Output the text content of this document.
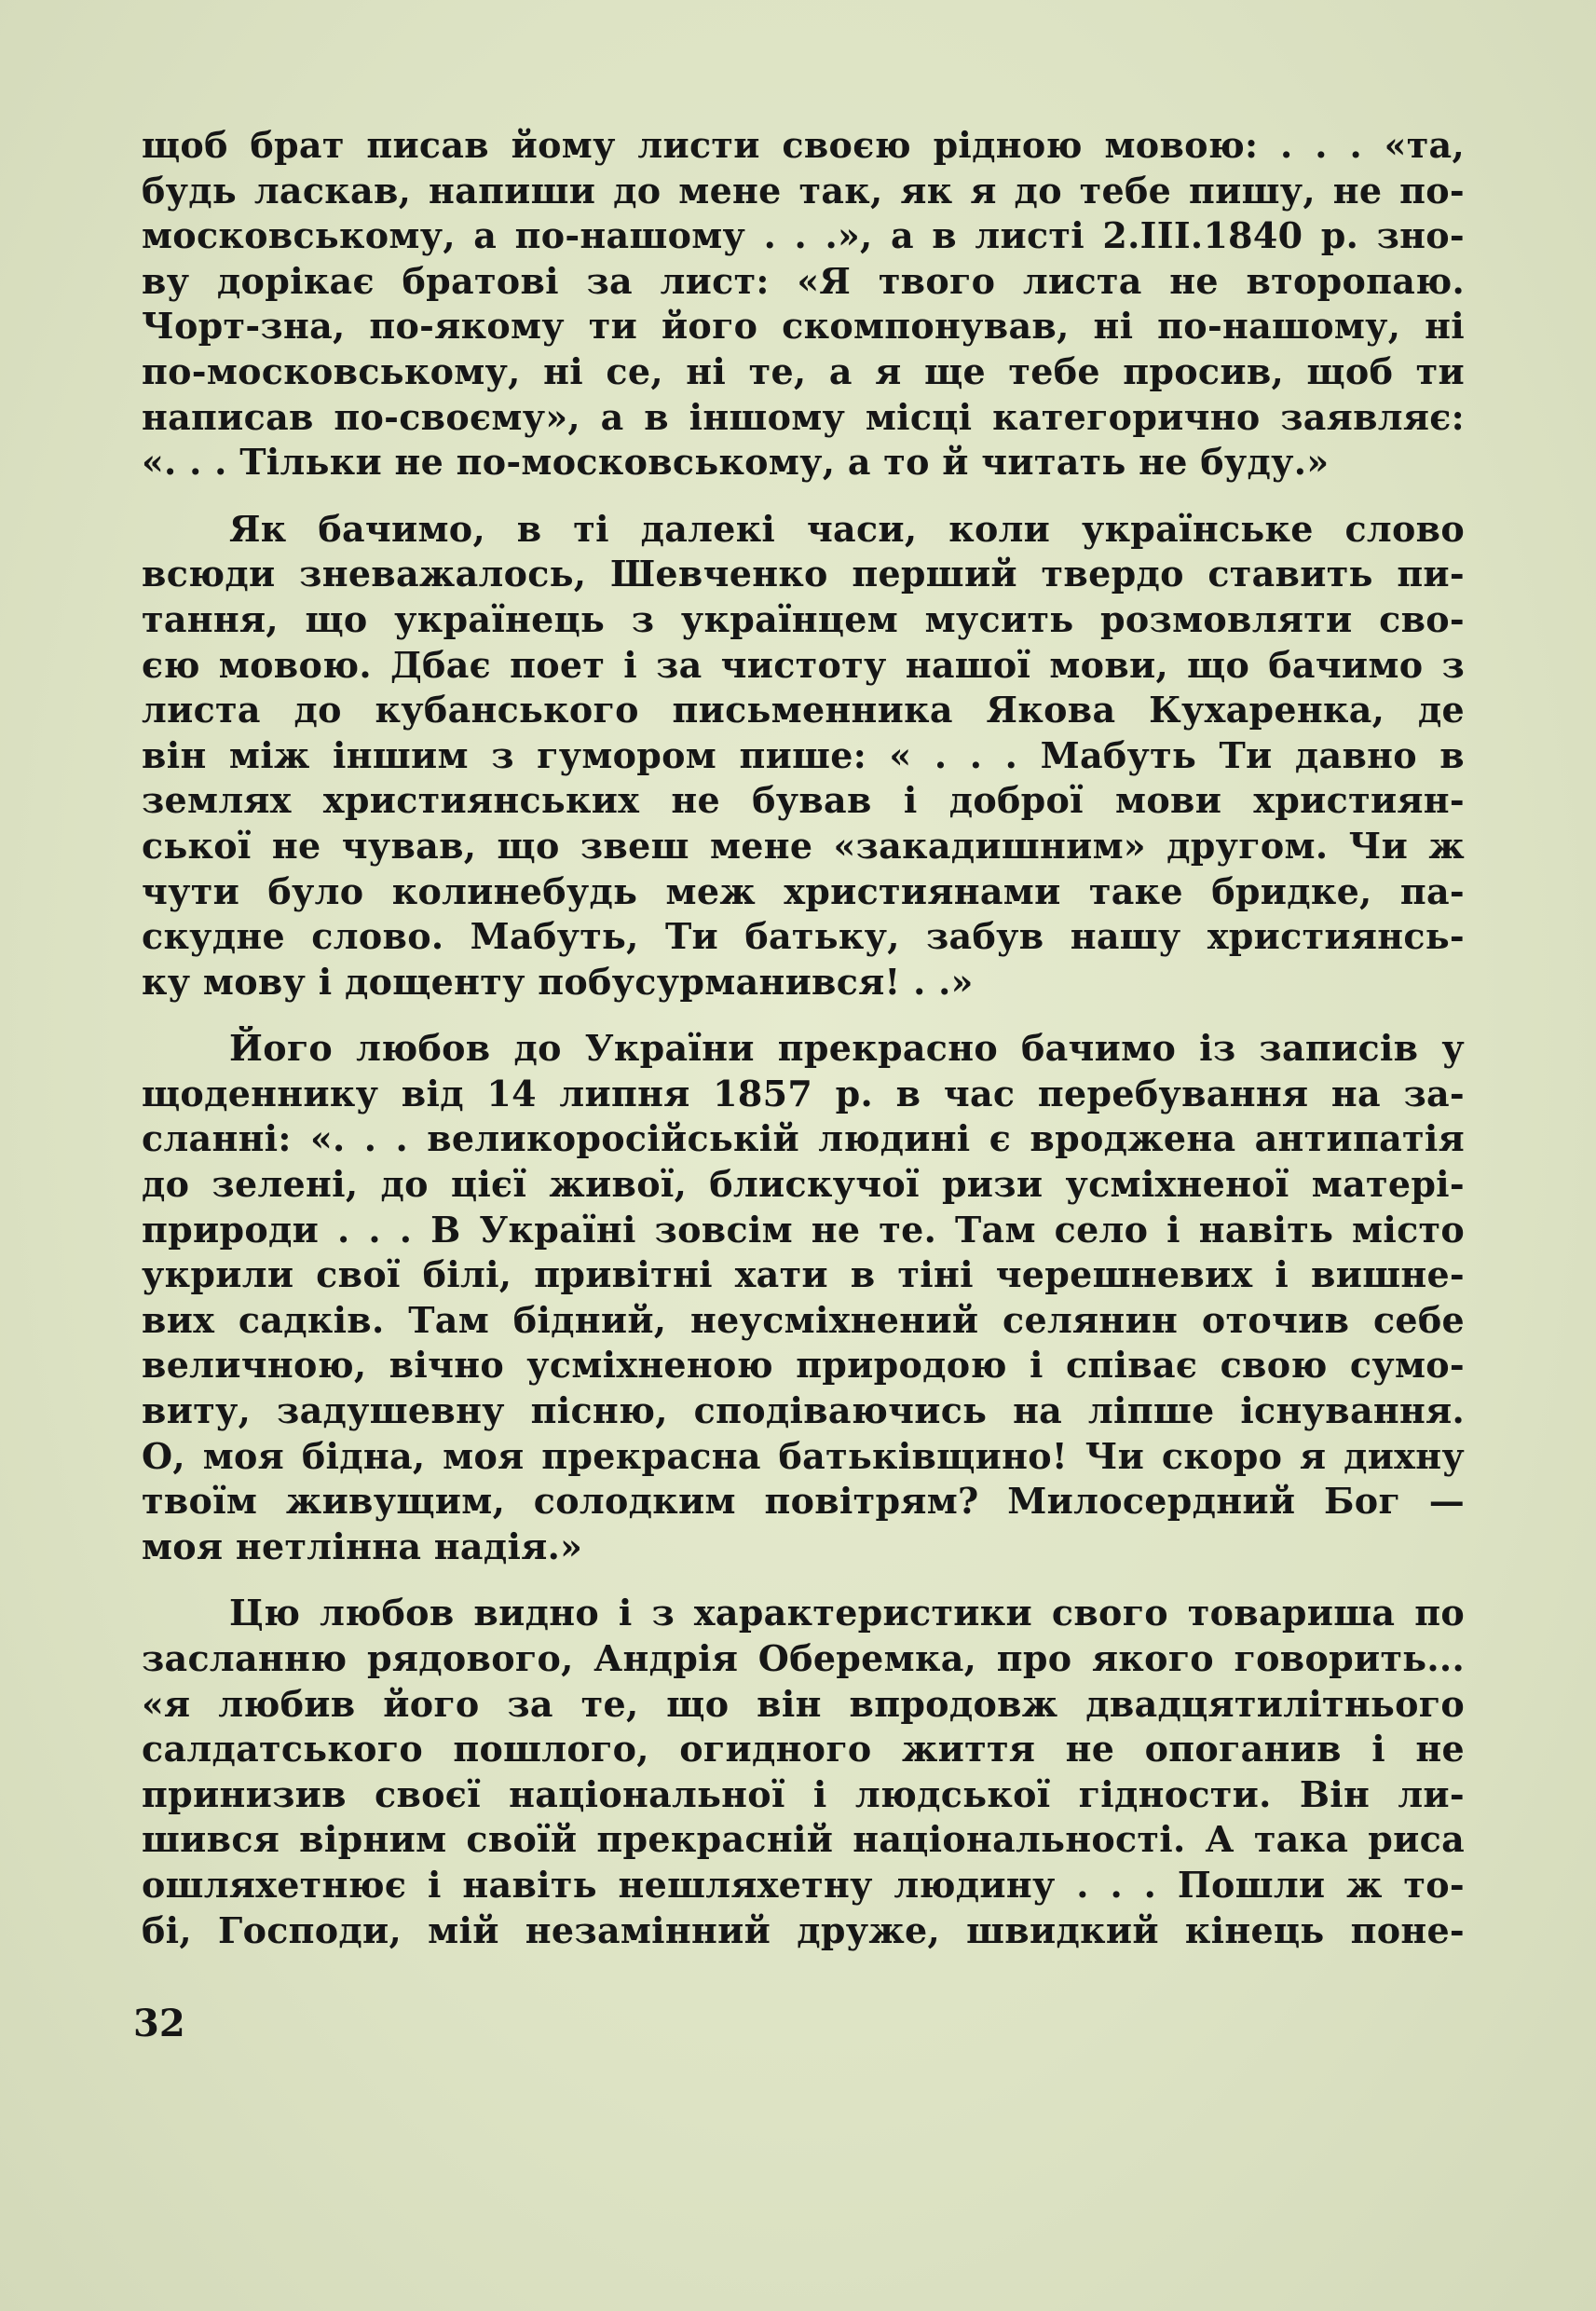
щоб брат писав йому листи своєю рідною мовою: . . . «та,
будь ласкав, напиши до мене так, як я до тебе пишу, не по-
московському, а по-нашому . . .», а в листі 2.III.1840 р. зно-
ву дорікає братові за лист: «Я твого листа не второпаю.
Чорт-зна, по-якому ти його скомпонував, ні по-нашому, ні
по-московському, ні се, ні те, а я ще тебе просив, щоб ти
написав по-своєму», а в іншому місці категорично заявляє:
«. . . Тільки не по-московському, а то й читать не буду.»
Як бачимо, в ті далекі часи, коли українське слово
всюди зневажалось, Шевченко перший твердо ставить пи-
тання, що українець з українцем мусить розмовляти сво-
єю мовою. Дбає поет і за чистоту нашої мови, що бачимо з
листа до кубанського письменника Якова Кухаренка, де
він між іншим з гумором пише: « . . . Мабуть Ти давно в
землях християнських не бував і доброї мови християн-
ської не чував, що звеш мене «закадишним» другом. Чи ж
чути було колинебудь меж християнами таке бридке, па-
скудне слово. Мабуть, Ти батьку, забув нашу християнсь-
ку мову і дощенту побусурманився! . .»
Його любов до України прекрасно бачимо із записів у
щоденнику від 14 липня 1857 р. в час перебування на за-
сланні: «. . . великоросійській людині є вроджена антипатія
до зелені, до цієї живої, блискучої ризи усміхненої матері-
природи . . . В Україні зовсім не те. Там село і навіть місто
укрили свої білі, привітні хати в тіні черешневих і вишне-
вих садків. Там бідний, неусміхнений селянин оточив себе
величною, вічно усміхненою природою і співає свою сумо-
виту, задушевну пісню, сподіваючись на ліпше існування.
О, моя бідна, моя прекрасна батьківщино! Чи скоро я дихну
твоїм живущим, солодким повітрям? Милосердний Бог —
моя нетлінна надія.»
Цю любов видно і з характеристики свого товариша по
засланню рядового, Андрія Оберемка, про якого говорить...
«я любив його за те, що він впродовж двадцятилітнього
салдатського пошлого, огидного життя не опоганив і не
принизив своєї національної і людської гідности. Він ли-
шився вірним своїй прекрасній національності. А така риса
ошляхетнює і навіть нешляхетну людину . . . Пошли ж то-
бі, Господи, мій незамінний друже, швидкий кінець поне-
32
